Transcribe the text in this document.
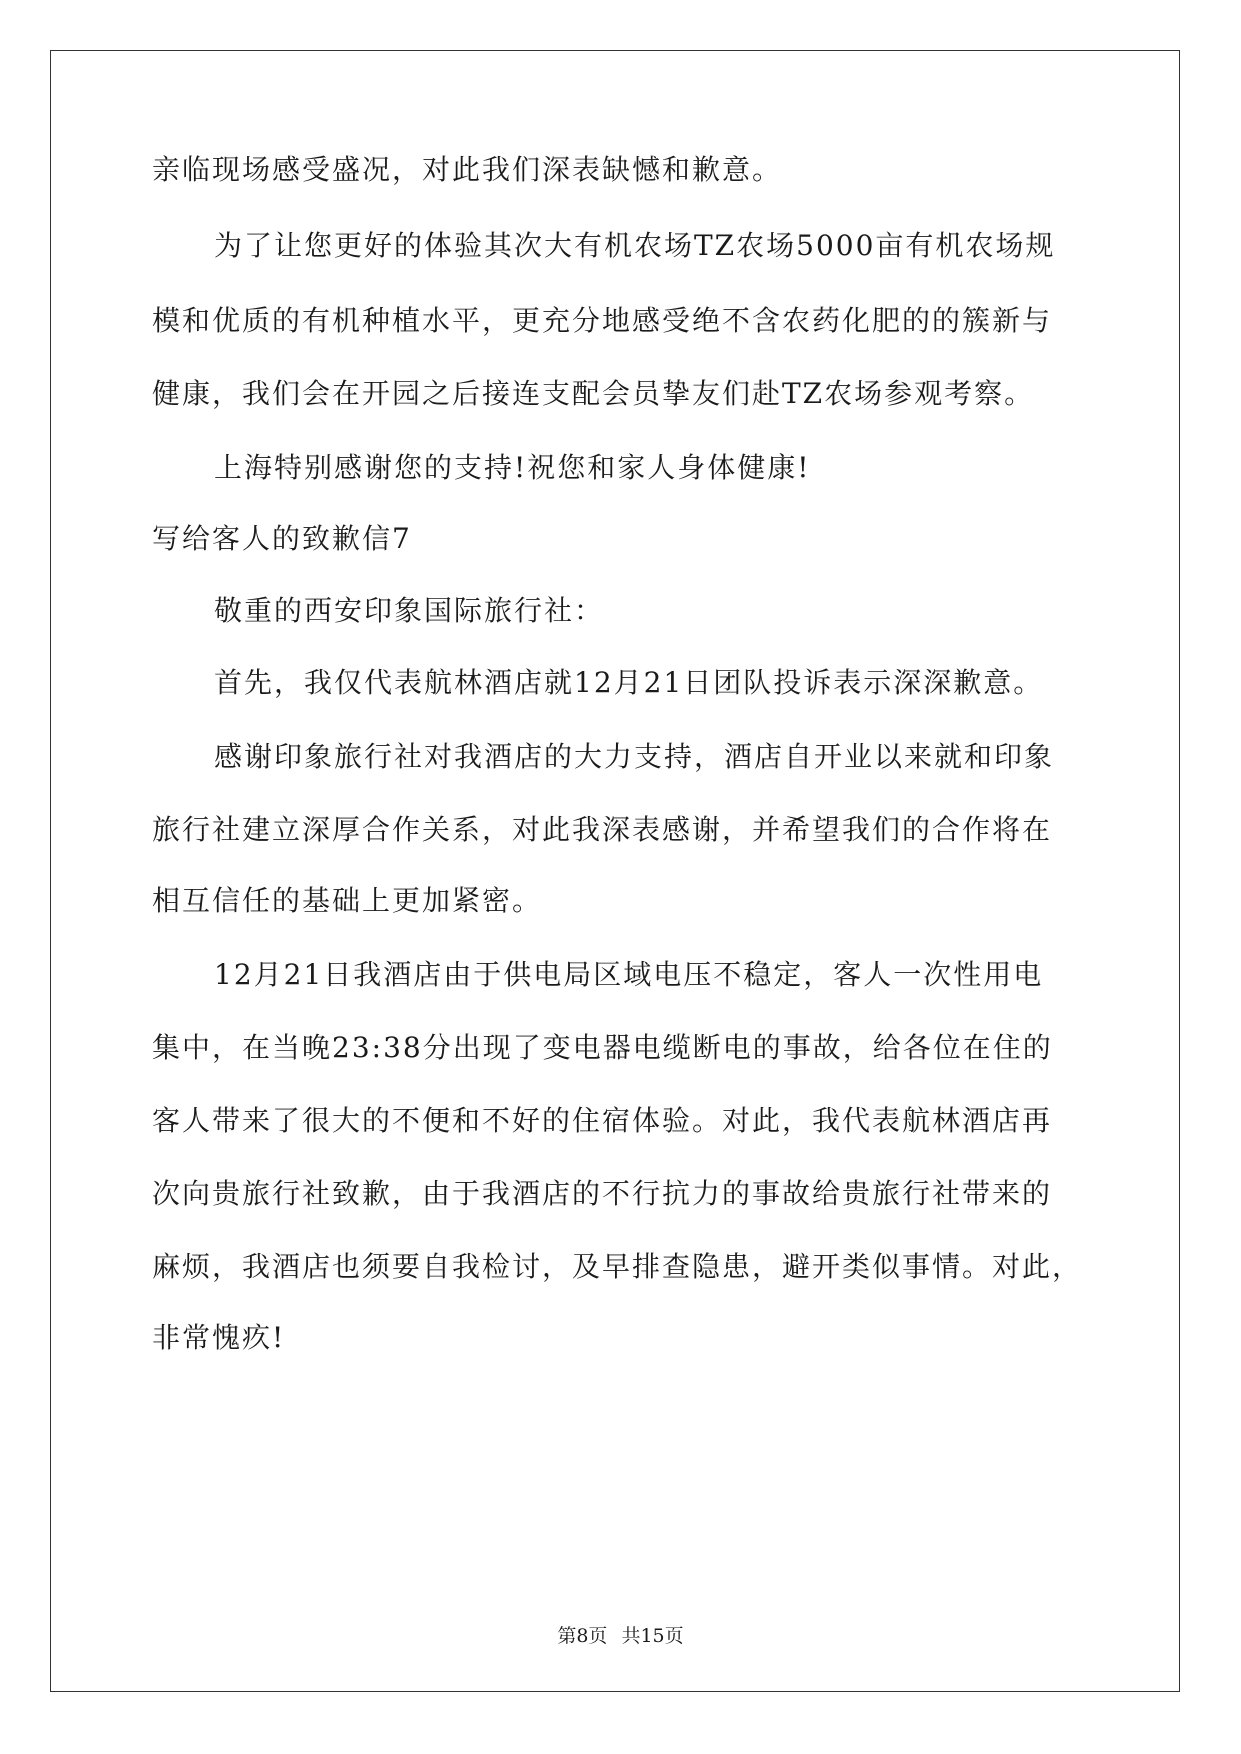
亲临现场感受盛况，对此我们深表缺憾和歉意。
为了让您更好的体验其次大有机农场TZ农场5000亩有机农场规
模和优质的有机种植水平，更充分地感受绝不含农药化肥的的簇新与
健康，我们会在开园之后接连支配会员挚友们赴TZ农场参观考察。
上海特别感谢您的支持!祝您和家人身体健康!
写给客人的致歉信7
敬重的西安印象国际旅行社：
首先，我仅代表航林酒店就12月21日团队投诉表示深深歉意。
感谢印象旅行社对我酒店的大力支持，酒店自开业以来就和印象
旅行社建立深厚合作关系，对此我深表感谢，并希望我们的合作将在
相互信任的基础上更加紧密。
12月21日我酒店由于供电局区域电压不稳定，客人一次性用电
集中，在当晚23:38分出现了变电器电缆断电的事故，给各位在住的
客人带来了很大的不便和不好的住宿体验。对此，我代表航林酒店再
次向贵旅行社致歉，由于我酒店的不行抗力的事故给贵旅行社带来的
麻烦，我酒店也须要自我检讨，及早排查隐患，避开类似事情。对此，
非常愧疚!
第8页 共15页
